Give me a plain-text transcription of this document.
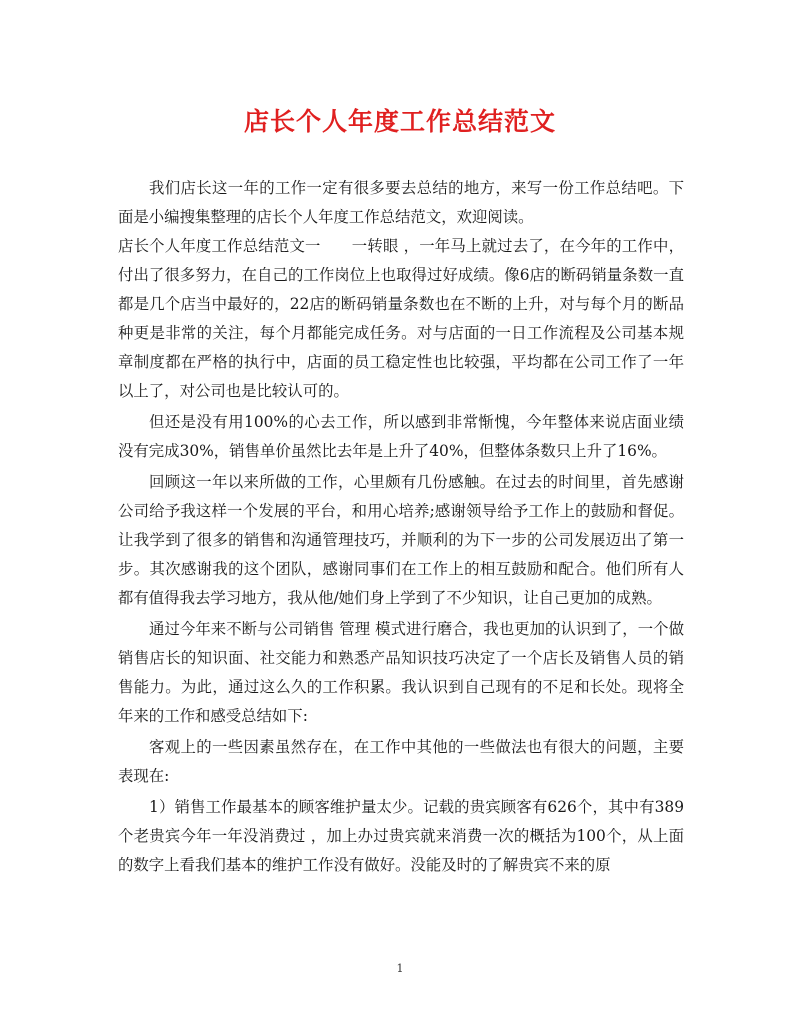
店长个人年度工作总结范文

我们店长这一年的工作一定有很多要去总结的地方，来写一份工作总结吧。下面是小编搜集整理的店长个人年度工作总结范文，欢迎阅读。

店长个人年度工作总结范文一　　一转眼 ，一年马上就过去了，在今年的工作中，付出了很多努力，在自己的工作岗位上也取得过好成绩。像6店的断码销量条数一直都是几个店当中最好的，22店的断码销量条数也在不断的上升，对与每个月的断品种更是非常的关注，每个月都能完成任务。对与店面的一日工作流程及公司基本规章制度都在严格的执行中，店面的员工稳定性也比较强，平均都在公司工作了一年以上了，对公司也是比较认可的。

但还是没有用100%的心去工作，所以感到非常惭愧，今年整体来说店面业绩没有完成30%，销售单价虽然比去年是上升了40%，但整体条数只上升了16%。

回顾这一年以来所做的工作，心里颇有几份感触。在过去的时间里，首先感谢公司给予我这样一个发展的平台，和用心培养;感谢领导给予工作上的鼓励和督促。让我学到了很多的销售和沟通管理技巧，并顺利的为下一步的公司发展迈出了第一步。其次感谢我的这个团队，感谢同事们在工作上的相互鼓励和配合。他们所有人都有值得我去学习地方，我从他/她们身上学到了不少知识，让自己更加的成熟。

通过今年来不断与公司销售 管理 模式进行磨合，我也更加的认识到了，一个做销售店长的知识面、社交能力和熟悉产品知识技巧决定了一个店长及销售人员的销售能力。为此，通过这么久的工作积累。我认识到自己现有的不足和长处。现将全年来的工作和感受总结如下:

客观上的一些因素虽然存在，在工作中其他的一些做法也有很大的问题，主要表现在:

1）销售工作最基本的顾客维护量太少。记载的贵宾顾客有626个，其中有389个老贵宾今年一年没消费过 ，加上办过贵宾就来消费一次的概括为100个，从上面的数字上看我们基本的维护工作没有做好。没能及时的了解贵宾不来的原

1
